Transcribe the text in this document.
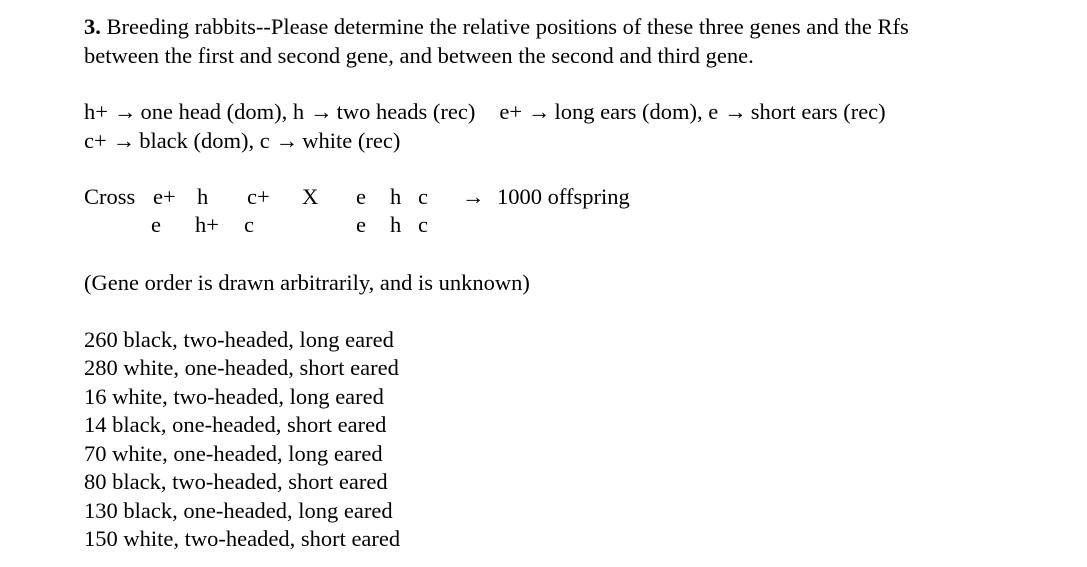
3. Breeding rabbits--Please determine the relative positions of these three genes and the Rfs
between the first and second gene, and between the second and third gene.
h+ → one head (dom), h → two heads (rec) e+ → long ears (dom), e → short ears (rec)
c+ → black (dom), c → white (rec)
Cross e+ h c+
e h+ c
X e h c
e h c
→ 1000 offspring
(Gene order is drawn arbitrarily, and is unknown)
260 black, two-headed, long eared
280 white, one-headed, short eared
16 white, two-headed, long eared
14 black, one-headed, short eared
70 white, one-headed, long eared
80 black, two-headed, short eared
130 black, one-headed, long eared
150 white, two-headed, short eared
